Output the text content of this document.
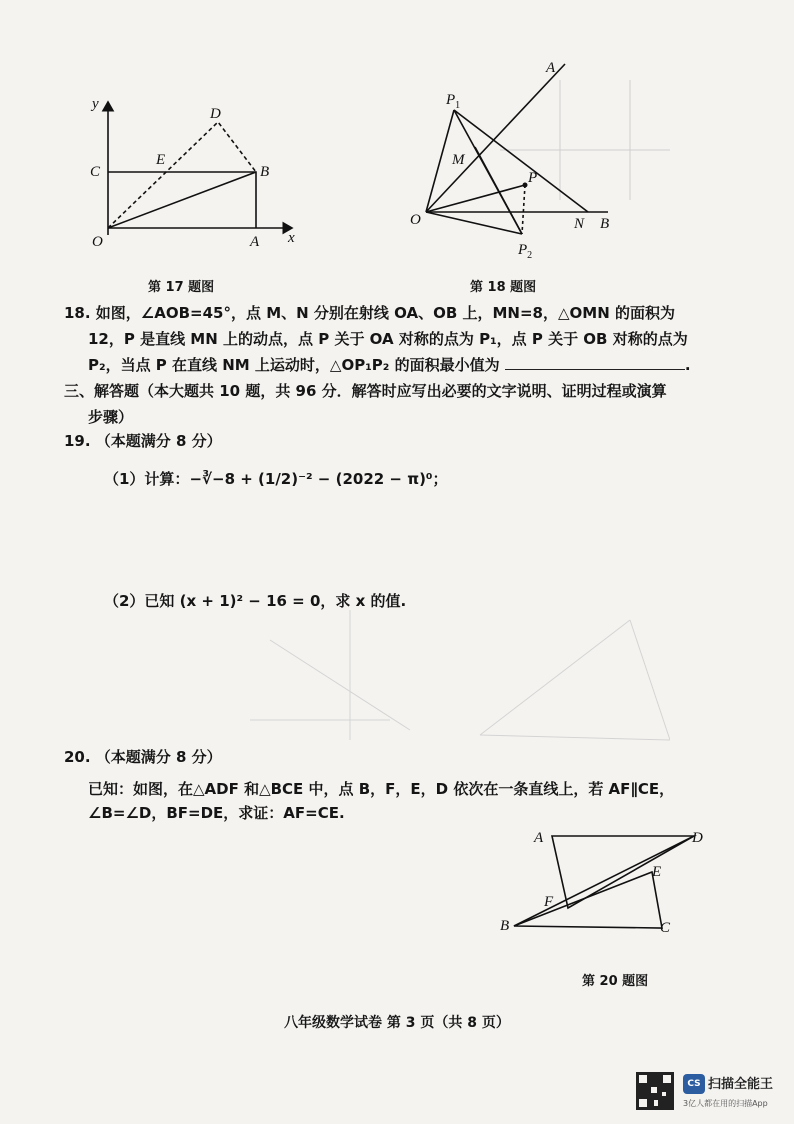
y
x
D
C
E
B
O	A
第 17 题图
A
$P_1$
M
P
O	N B
$P_2$
第 18 题图
18. 如图，∠AOB=45°，点 M、N 分别在射线 OA、OB 上，MN=8，△OMN 的面积为
12，P 是直线 MN 上的动点，点 P 关于 OA 对称的点为 P₁，点 P 关于 OB 对称的点为
P₂，当点 P 在直线 NM 上运动时，△OP₁P₂ 的面积最小值为	.
三、解答题（本大题共 10 题，共 96 分．解答时应写出必要的文字说明、证明过程或演算
步骤）
19. （本题满分 8 分）
（1）计算：−∛−8 + (1/2)⁻² − (2022 − π)⁰；
（2）已知 (x + 1)² − 16 = 0，求 x 的值.
20. （本题满分 8 分）
已知：如图，在△ADF 和△BCE 中，点 B，F，E，D 依次在一条直线上，若 AF∥CE，
∠B=∠D，BF=DE，求证：AF=CE.
A	D
E
F
B	C
第 20 题图
八年级数学试卷 第 3 页（共 8 页）
CS 扫描全能王
3亿人都在用的扫描App
